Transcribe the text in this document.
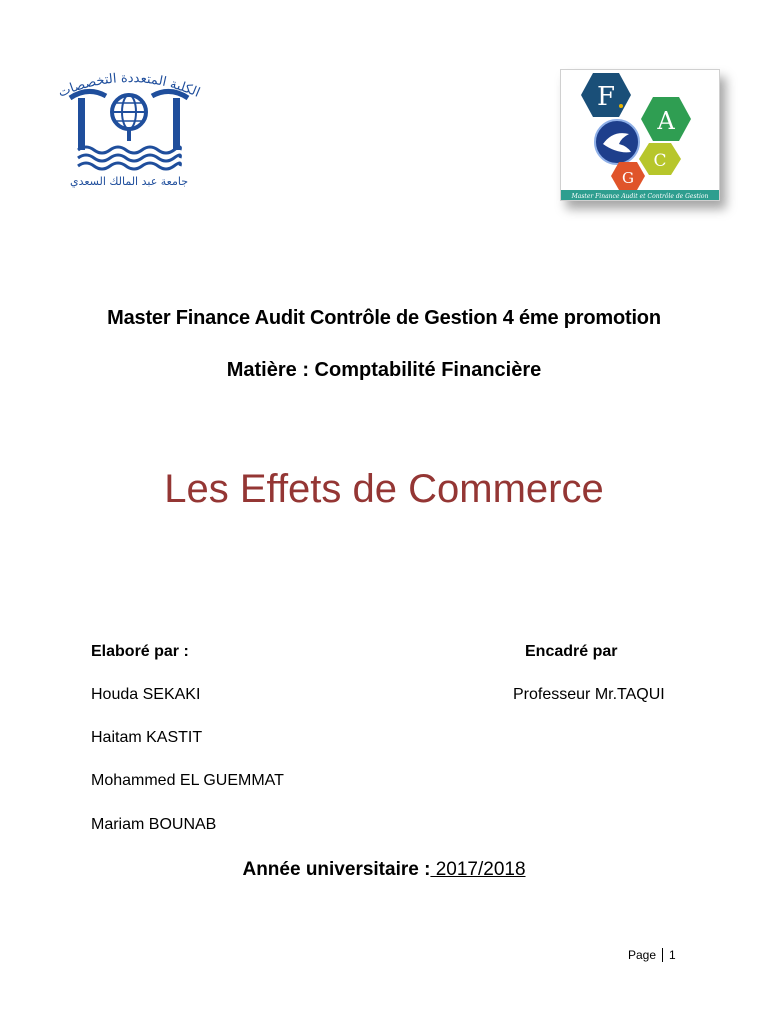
الكلية المتعددة التخصصات
جامعة عبد المالك السعدي
F
A
G
C
Master Finance Audit et Contrôle de Gestion
Master Finance Audit Contrôle de Gestion 4 éme promotion
Matière : Comptabilité Financière
Les Effets de Commerce
Elaboré par :	Encadré par
Professeur Mr.TAQUI
Houda SEKAKI
Haitam KASTIT
Mohammed EL GUEMMAT
Mariam BOUNAB
Année universitaire : 2017/2018
Page 1
